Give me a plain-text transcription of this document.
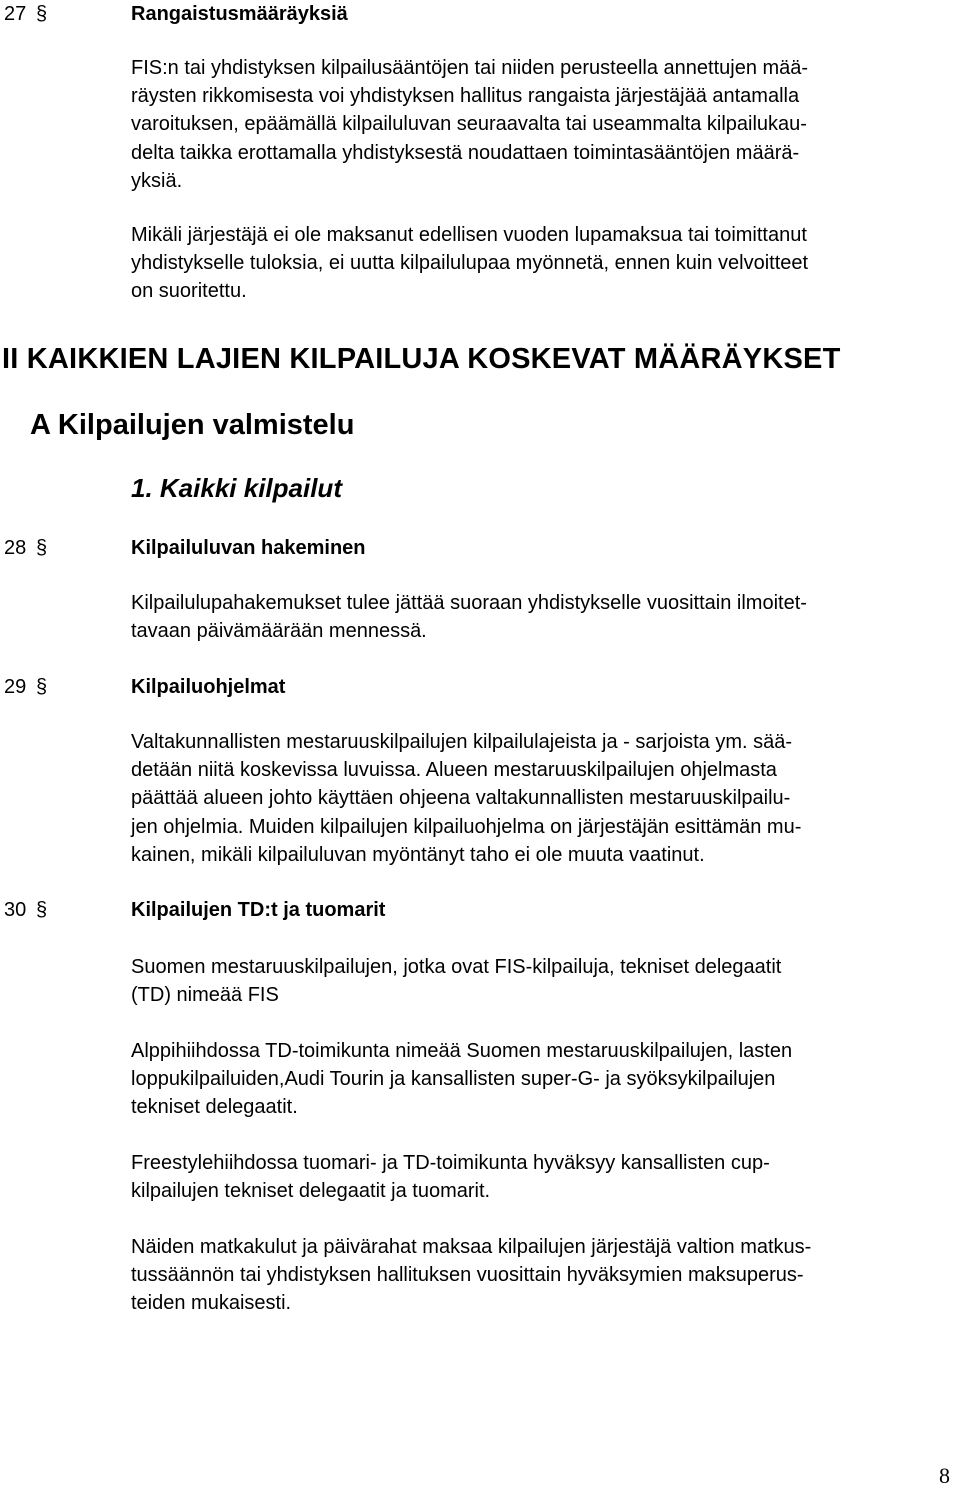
27 §	Rangaistusmääräyksiä
FIS:n tai yhdistyksen kilpailusääntöjen tai niiden perusteella annettujen mää-
räysten rikkomisesta voi yhdistyksen hallitus rangaista järjestäjää antamalla
varoituksen, epäämällä kilpailuluvan seuraavalta tai useammalta kilpailukau-
delta taikka erottamalla yhdistyksestä noudattaen toimintasääntöjen määrä-
yksiä.
Mikäli järjestäjä ei ole maksanut edellisen vuoden lupamaksua tai toimittanut
yhdistykselle tuloksia, ei uutta kilpailulupaa myönnetä, ennen kuin velvoitteet
on suoritettu.
II KAIKKIEN LAJIEN KILPAILUJA KOSKEVAT MÄÄRÄYKSET
A Kilpailujen valmistelu
1. Kaikki kilpailut
28 §	Kilpailuluvan hakeminen
Kilpailulupahakemukset tulee jättää suoraan yhdistykselle vuosittain ilmoitet-
tavaan päivämäärään mennessä.
29 §	Kilpailuohjelmat
Valtakunnallisten mestaruuskilpailujen kilpailulajeista ja - sarjoista ym. sää-
detään niitä koskevissa luvuissa. Alueen mestaruuskilpailujen ohjelmasta
päättää alueen johto käyttäen ohjeena valtakunnallisten mestaruuskilpailu-
jen ohjelmia. Muiden kilpailujen kilpailuohjelma on järjestäjän esittämän mu-
kainen, mikäli kilpailuluvan myöntänyt taho ei ole muuta vaatinut.
30 §	Kilpailujen TD:t ja tuomarit
Suomen mestaruuskilpailujen, jotka ovat FIS-kilpailuja, tekniset delegaatit
(TD) nimeää FIS
Alppihiihdossa TD-toimikunta nimeää Suomen mestaruuskilpailujen, lasten
loppukilpailuiden,Audi Tourin ja kansallisten super-G- ja syöksykilpailujen
tekniset delegaatit.
Freestylehiihdossa tuomari- ja TD-toimikunta hyväksyy kansallisten cup-
kilpailujen tekniset delegaatit ja tuomarit.
Näiden matkakulut ja päivärahat maksaa kilpailujen järjestäjä valtion matkus-
tussäännön tai yhdistyksen hallituksen vuosittain hyväksymien maksuperus-
teiden mukaisesti.
8
